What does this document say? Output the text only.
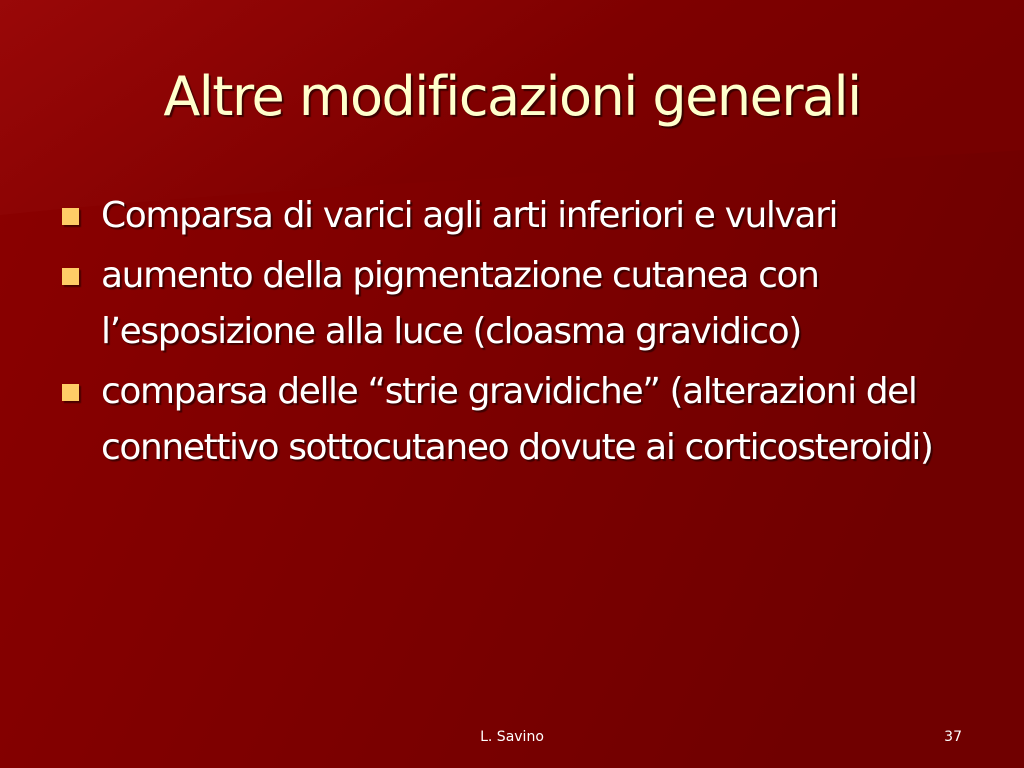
Altre modificazioni generali
Comparsa di varici agli arti inferiori e vulvari
aumento della pigmentazione cutanea con l’esposizione alla luce (cloasma gravidico)
comparsa delle “strie gravidiche” (alterazioni del connettivo sottocutaneo dovute ai corticosteroidi)
L. Savino	37
